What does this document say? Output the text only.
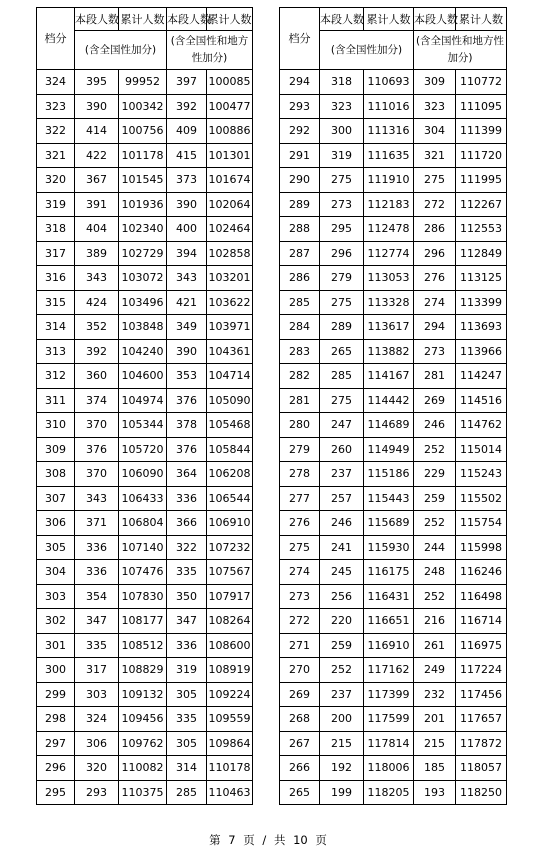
档分	本段人数	累计人数	本段人数	累计人数
	(含全国性加分)		(含全国性和地方性加分)	
324	395	99952	397	100085
323	390	100342	392	100477
322	414	100756	409	100886
321	422	101178	415	101301
320	367	101545	373	101674
319	391	101936	390	102064
318	404	102340	400	102464
317	389	102729	394	102858
316	343	103072	343	103201
315	424	103496	421	103622
314	352	103848	349	103971
313	392	104240	390	104361
312	360	104600	353	104714
311	374	104974	376	105090
310	370	105344	378	105468
309	376	105720	376	105844
308	370	106090	364	106208
307	343	106433	336	106544
306	371	106804	366	106910
305	336	107140	322	107232
304	336	107476	335	107567
303	354	107830	350	107917
302	347	108177	347	108264
301	335	108512	336	108600
300	317	108829	319	108919
299	303	109132	305	109224
298	324	109456	335	109559
297	306	109762	305	109864
296	320	110082	314	110178
295	293	110375	285	110463
档分	本段人数	累计人数	本段人数	累计人数
	(含全国性加分)		(含全国性和地方性加分)	
294	318	110693	309	110772
293	323	111016	323	111095
292	300	111316	304	111399
291	319	111635	321	111720
290	275	111910	275	111995
289	273	112183	272	112267
288	295	112478	286	112553
287	296	112774	296	112849
286	279	113053	276	113125
285	275	113328	274	113399
284	289	113617	294	113693
283	265	113882	273	113966
282	285	114167	281	114247
281	275	114442	269	114516
280	247	114689	246	114762
279	260	114949	252	115014
278	237	115186	229	115243
277	257	115443	259	115502
276	246	115689	252	115754
275	241	115930	244	115998
274	245	116175	248	116246
273	256	116431	252	116498
272	220	116651	216	116714
271	259	116910	261	116975
270	252	117162	249	117224
269	237	117399	232	117456
268	200	117599	201	117657
267	215	117814	215	117872
266	192	118006	185	118057
265	199	118205	193	118250
第 7 页 / 共 10 页
